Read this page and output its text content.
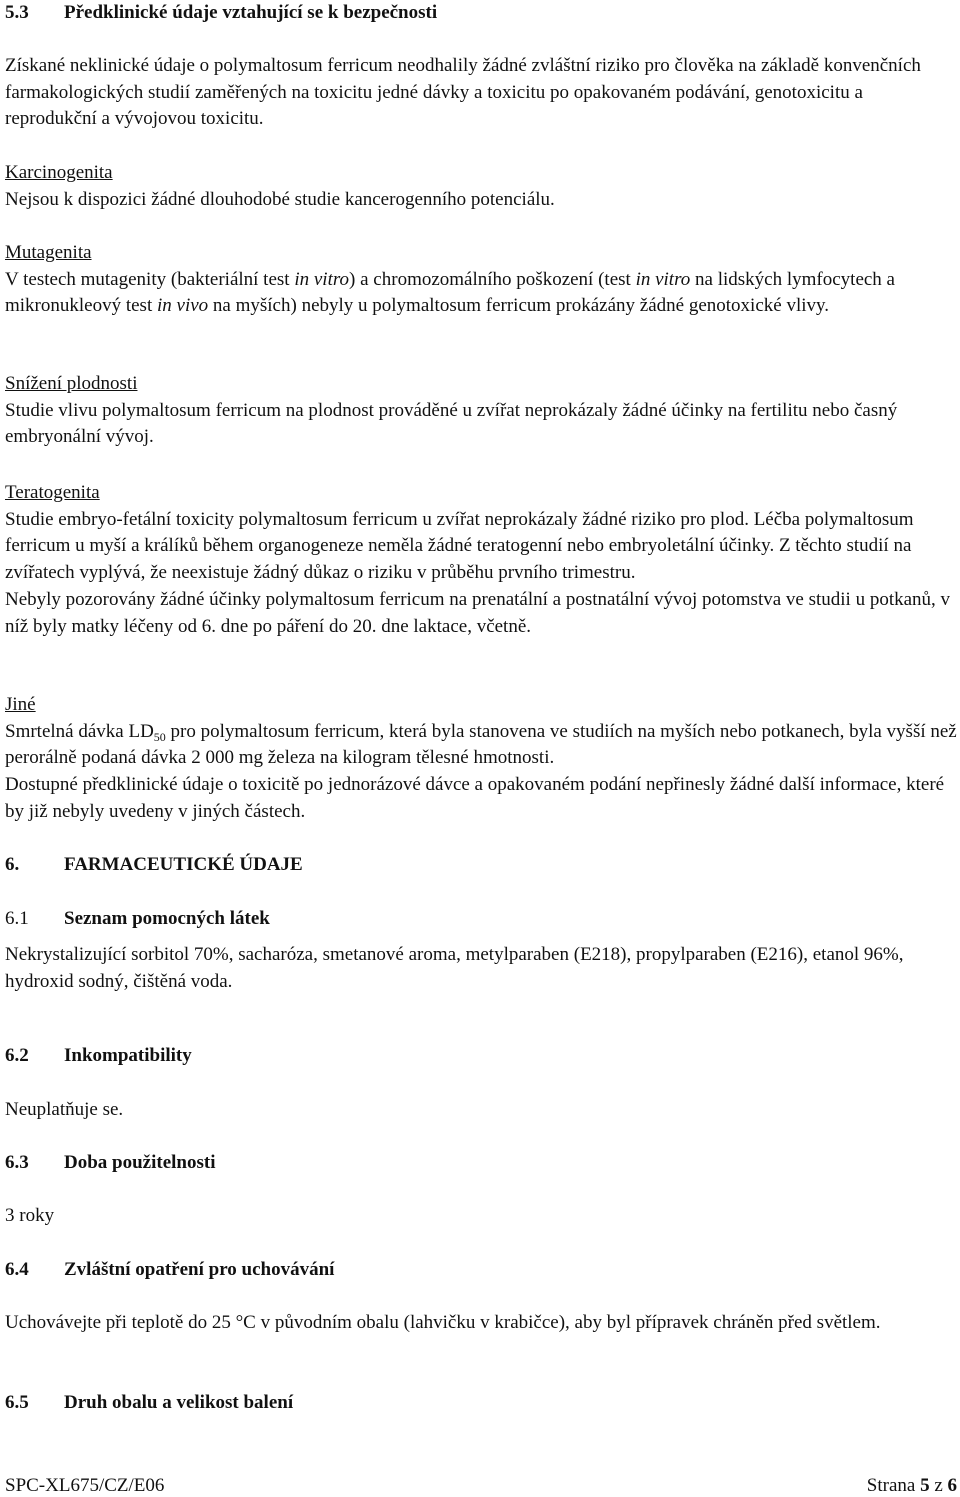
5.3 Předklinické údaje vztahující se k bezpečnosti
Získané neklinické údaje o polymaltosum ferricum neodhalily žádné zvláštní riziko pro člověka na základě konvenčních farmakologických studií zaměřených na toxicitu jedné dávky a toxicitu po opakovaném podávání, genotoxicitu a reprodukční a vývojovou toxicitu.
Karcinogenita
Nejsou k dispozici žádné dlouhodobé studie kancerogenního potenciálu.
Mutagenita
V testech mutagenity (bakteriální test in vitro) a chromozomálního poškození (test in vitro na lidských lymfocytech a mikronukleový test in vivo na myších) nebyly u polymaltosum ferricum prokázány žádné genotoxické vlivy.
Snížení plodnosti
Studie vlivu polymaltosum ferricum na plodnost prováděné u zvířat neprokázaly žádné účinky na fertilitu nebo časný embryonální vývoj.
Teratogenita
Studie embryo-fetální toxicity polymaltosum ferricum u zvířat neprokázaly žádné riziko pro plod. Léčba polymaltosum ferricum u myší a králíků během organogeneze neměla žádné teratogenní nebo embryoletální účinky. Z těchto studií na zvířatech vyplývá, že neexistuje žádný důkaz o riziku v průběhu prvního trimestru.
Nebyly pozorovány žádné účinky polymaltosum ferricum na prenatální a postnatální vývoj potomstva ve studii u potkanů, v níž byly matky léčeny od 6. dne po páření do 20. dne laktace, včetně.
Jiné
Smrtelná dávka $LD_{50}$ pro polymaltosum ferricum, která byla stanovena ve studiích na myších nebo potkanech, byla vyšší než perorálně podaná dávka 2 000 mg železa na kilogram tělesné hmotnosti.
Dostupné předklinické údaje o toxicitě po jednorázové dávce a opakovaném podání nepřinesly žádné další informace, které by již nebyly uvedeny v jiných částech.
6. FARMACEUTICKÉ ÚDAJE
6.1 Seznam pomocných látek
Nekrystalizující sorbitol 70%, sacharóza, smetanové aroma, metylparaben (E218), propylparaben (E216), etanol 96%, hydroxid sodný, čištěná voda.
6.2 Inkompatibility
Neuplatňuje se.
6.3 Doba použitelnosti
3 roky
6.4 Zvláštní opatření pro uchovávání
Uchovávejte při teplotě do 25 °C v původním obalu (lahvičku v krabičce), aby byl přípravek chráněn před světlem.
6.5 Druh obalu a velikost balení
SPC-XL675/CZ/E06	Strana 5 z 6
